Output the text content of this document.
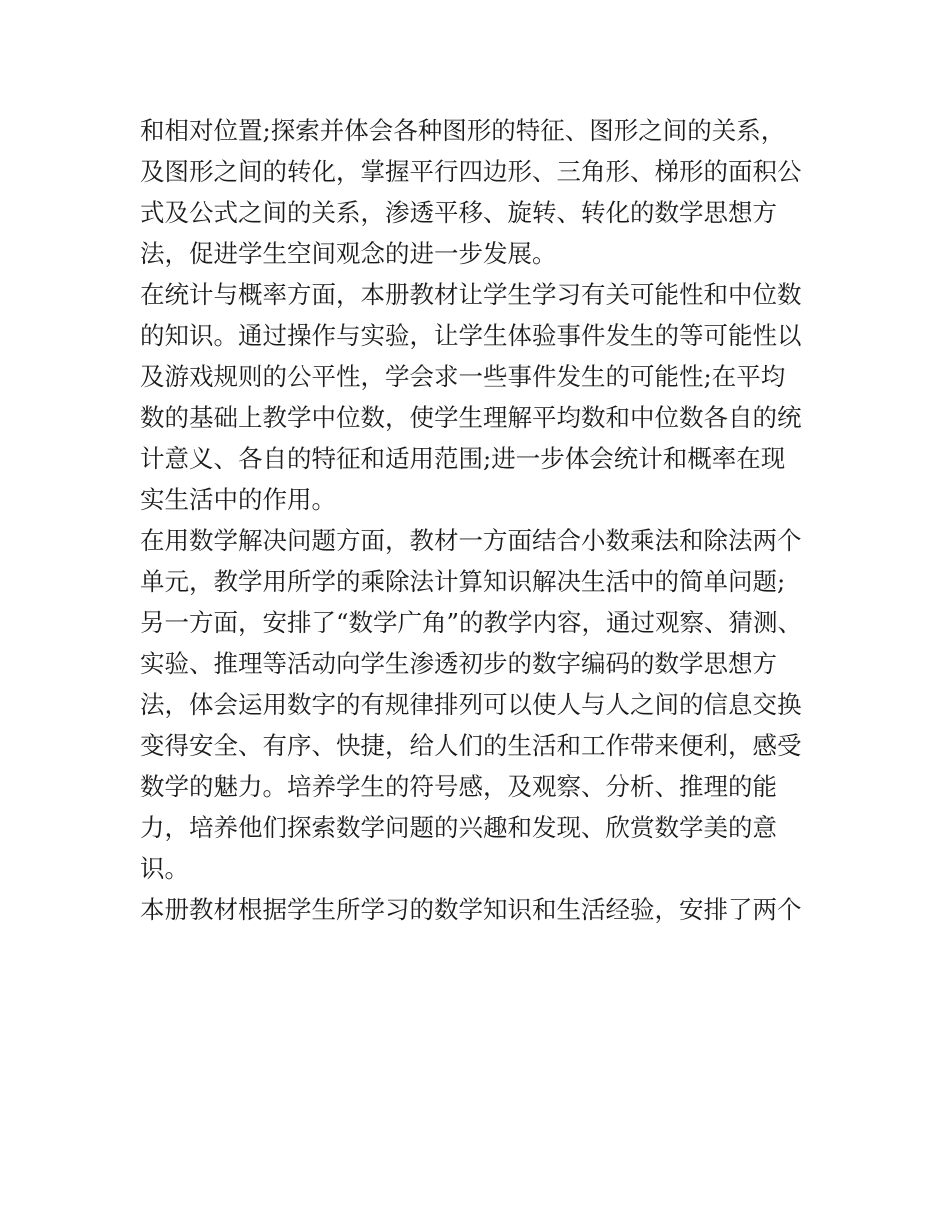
和相对位置;探索并体会各种图形的特征、图形之间的关系，
及图形之间的转化，掌握平行四边形、三角形、梯形的面积公
式及公式之间的关系，渗透平移、旋转、转化的数学思想方
法，促进学生空间观念的进一步发展。
在统计与概率方面，本册教材让学生学习有关可能性和中位数
的知识。通过操作与实验，让学生体验事件发生的等可能性以
及游戏规则的公平性，学会求一些事件发生的可能性;在平均
数的基础上教学中位数，使学生理解平均数和中位数各自的统
计意义、各自的特征和适用范围;进一步体会统计和概率在现
实生活中的作用。
在用数学解决问题方面，教材一方面结合小数乘法和除法两个
单元，教学用所学的乘除法计算知识解决生活中的简单问题;
另一方面，安排了“数学广角”的教学内容，通过观察、猜测、
实验、推理等活动向学生渗透初步的数字编码的数学思想方
法，体会运用数字的有规律排列可以使人与人之间的信息交换
变得安全、有序、快捷，给人们的生活和工作带来便利，感受
数学的魅力。培养学生的符号感，及观察、分析、推理的能
力，培养他们探索数学问题的兴趣和发现、欣赏数学美的意
识。
本册教材根据学生所学习的数学知识和生活经验，安排了两个
